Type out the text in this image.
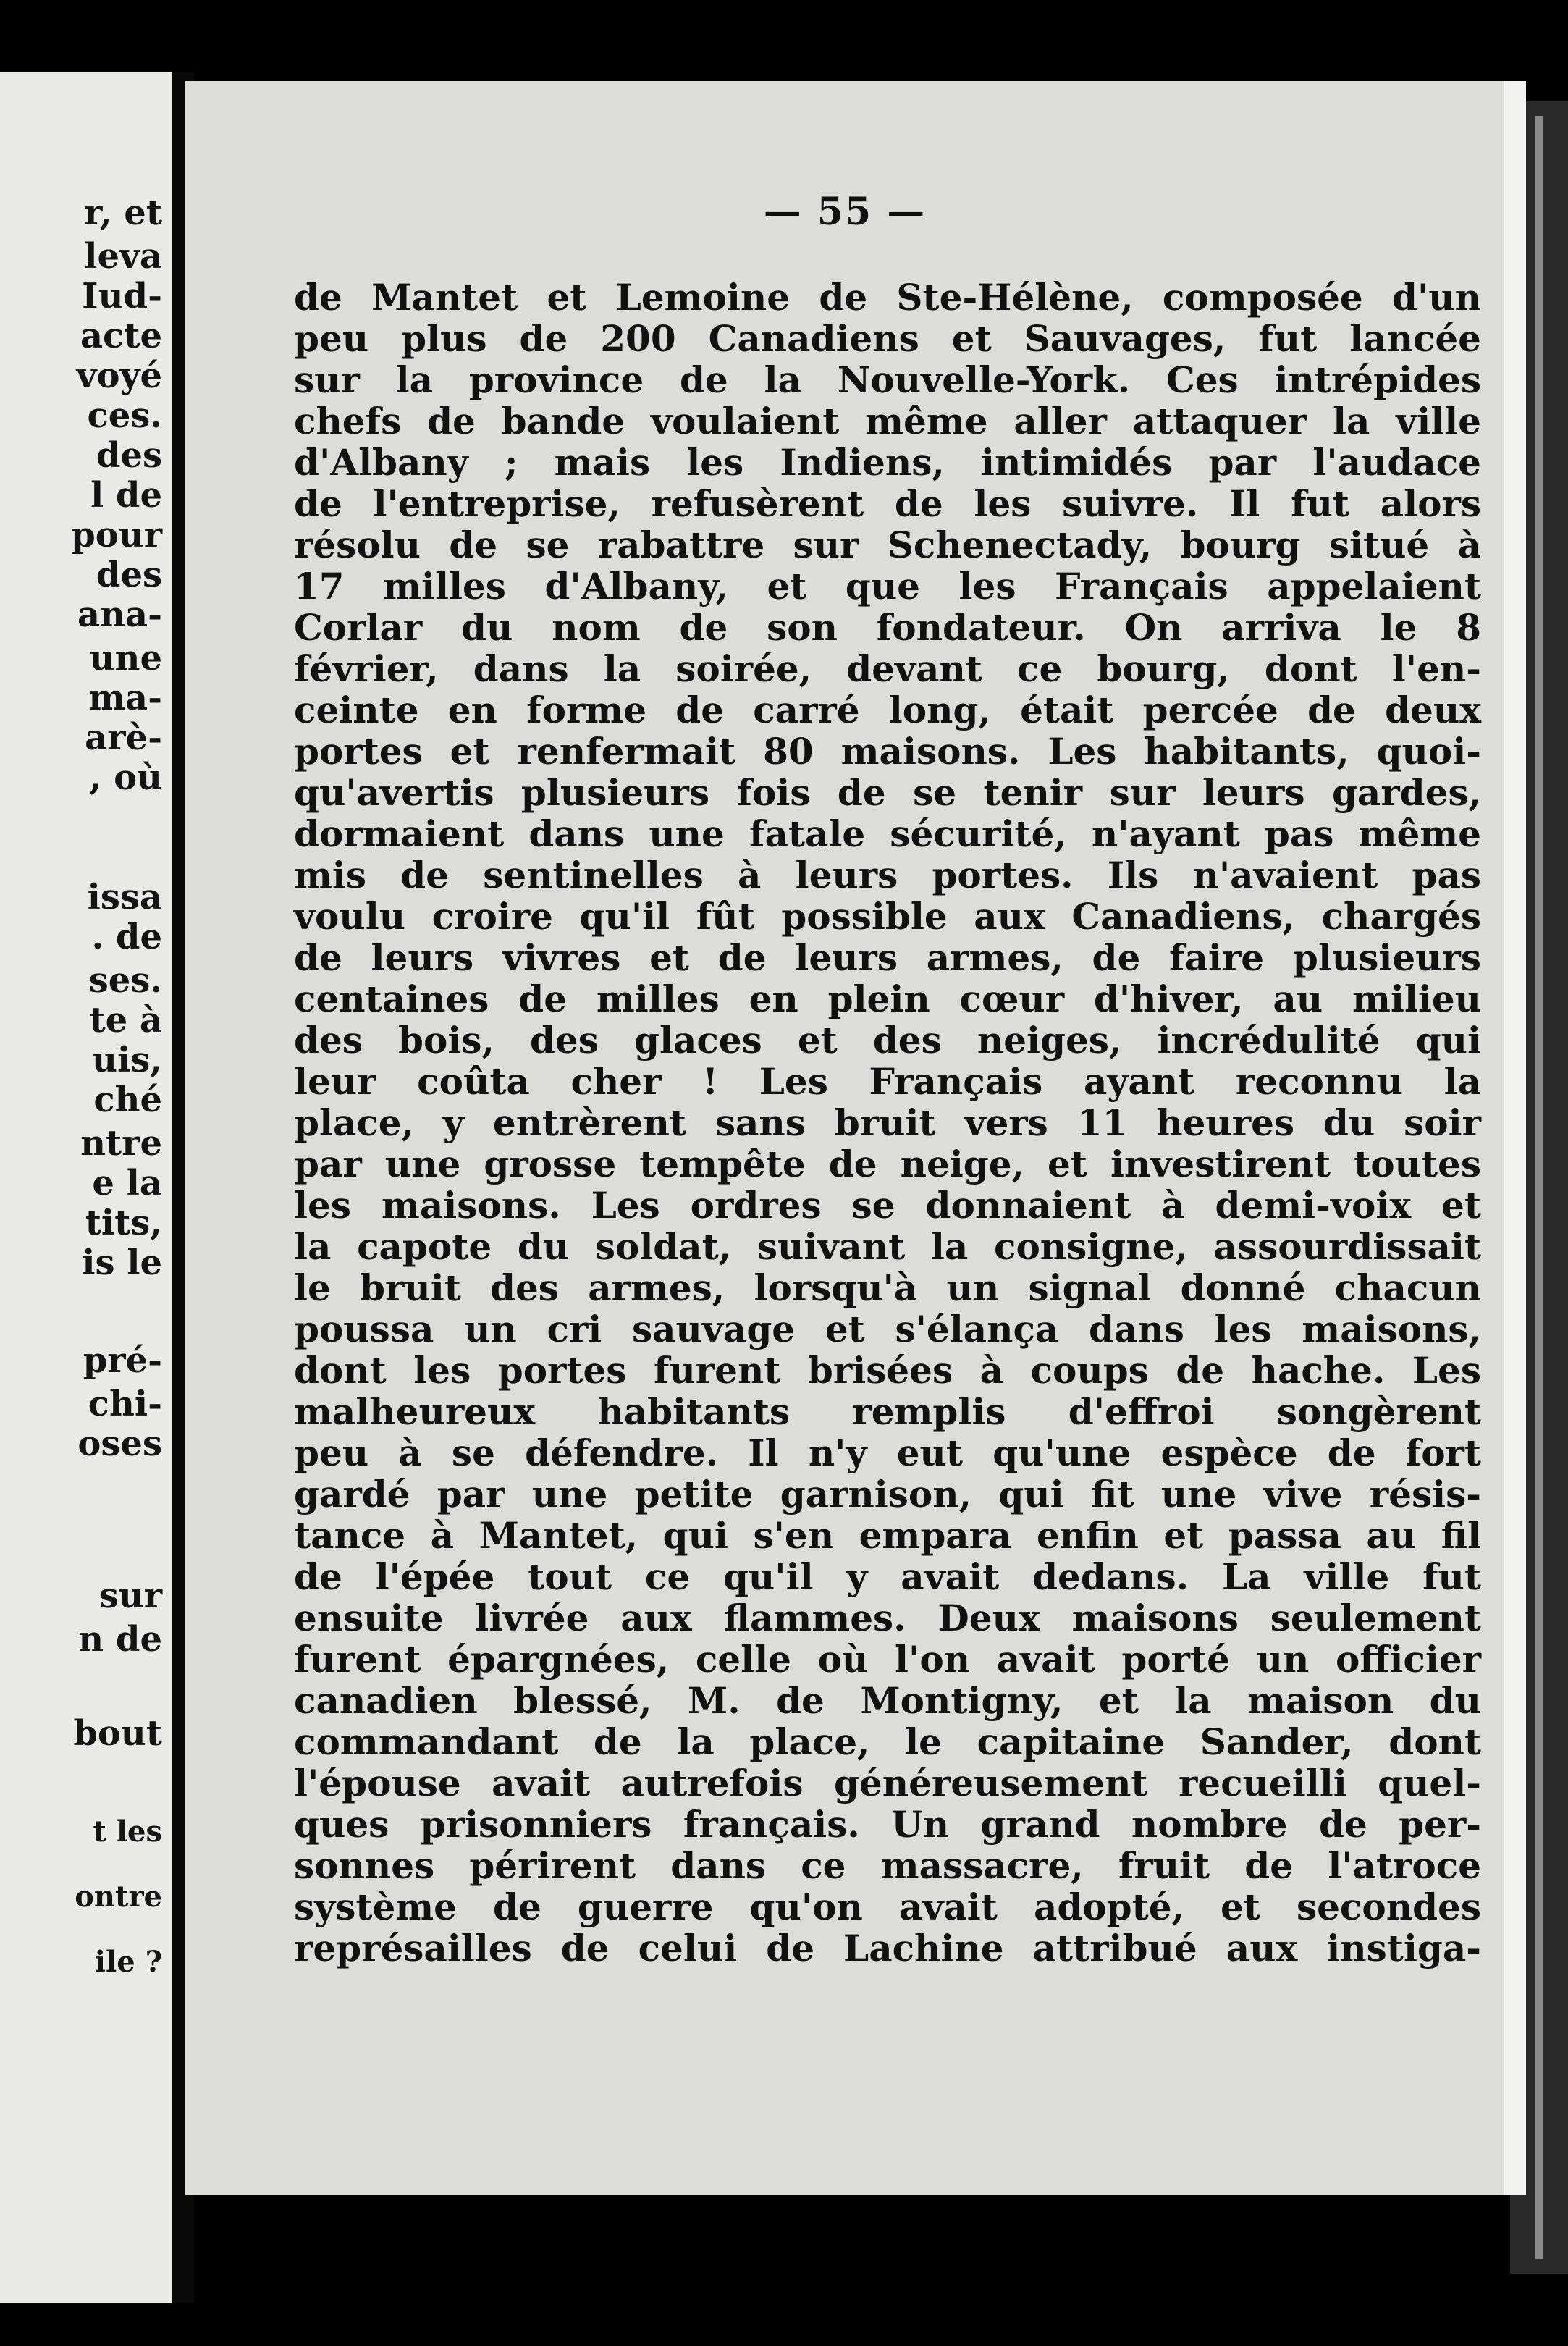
r, et
leva
Iud-
acte
voyé
ces.
des
l de
pour
des
ana-
une
ma-
arè-
, où
issa
. de
ses.
te à
uis,
ché
ntre
e la
tits,
is le
pré-
chi-
oses
sur
n de
bout
t les
ontre
ile ?
— 55 —
de Mantet et Lemoine de Ste-Hélène, composée d'un
peu plus de 200 Canadiens et Sauvages, fut lancée
sur la province de la Nouvelle-York. Ces intrépides
chefs de bande voulaient même aller attaquer la ville
d'Albany ; mais les Indiens, intimidés par l'audace
de l'entreprise, refusèrent de les suivre. Il fut alors
résolu de se rabattre sur Schenectady, bourg situé à
17 milles d'Albany, et que les Français appelaient
Corlar du nom de son fondateur. On arriva le 8
février, dans la soirée, devant ce bourg, dont l'en-
ceinte en forme de carré long, était percée de deux
portes et renfermait 80 maisons. Les habitants, quoi-
qu'avertis plusieurs fois de se tenir sur leurs gardes,
dormaient dans une fatale sécurité, n'ayant pas même
mis de sentinelles à leurs portes. Ils n'avaient pas
voulu croire qu'il fût possible aux Canadiens, chargés
de leurs vivres et de leurs armes, de faire plusieurs
centaines de milles en plein cœur d'hiver, au milieu
des bois, des glaces et des neiges, incrédulité qui
leur coûta cher ! Les Français ayant reconnu la
place, y entrèrent sans bruit vers 11 heures du soir
par une grosse tempête de neige, et investirent toutes
les maisons. Les ordres se donnaient à demi-voix et
la capote du soldat, suivant la consigne, assourdissait
le bruit des armes, lorsqu'à un signal donné chacun
poussa un cri sauvage et s'élança dans les maisons,
dont les portes furent brisées à coups de hache. Les
malheureux habitants remplis d'effroi songèrent
peu à se défendre. Il n'y eut qu'une espèce de fort
gardé par une petite garnison, qui fit une vive résis-
tance à Mantet, qui s'en empara enfin et passa au fil
de l'épée tout ce qu'il y avait dedans. La ville fut
ensuite livrée aux flammes. Deux maisons seulement
furent épargnées, celle où l'on avait porté un officier
canadien blessé, M. de Montigny, et la maison du
commandant de la place, le capitaine Sander, dont
l'épouse avait autrefois généreusement recueilli quel-
ques prisonniers français. Un grand nombre de per-
sonnes périrent dans ce massacre, fruit de l'atroce
système de guerre qu'on avait adopté, et secondes
représailles de celui de Lachine attribué aux instiga-
